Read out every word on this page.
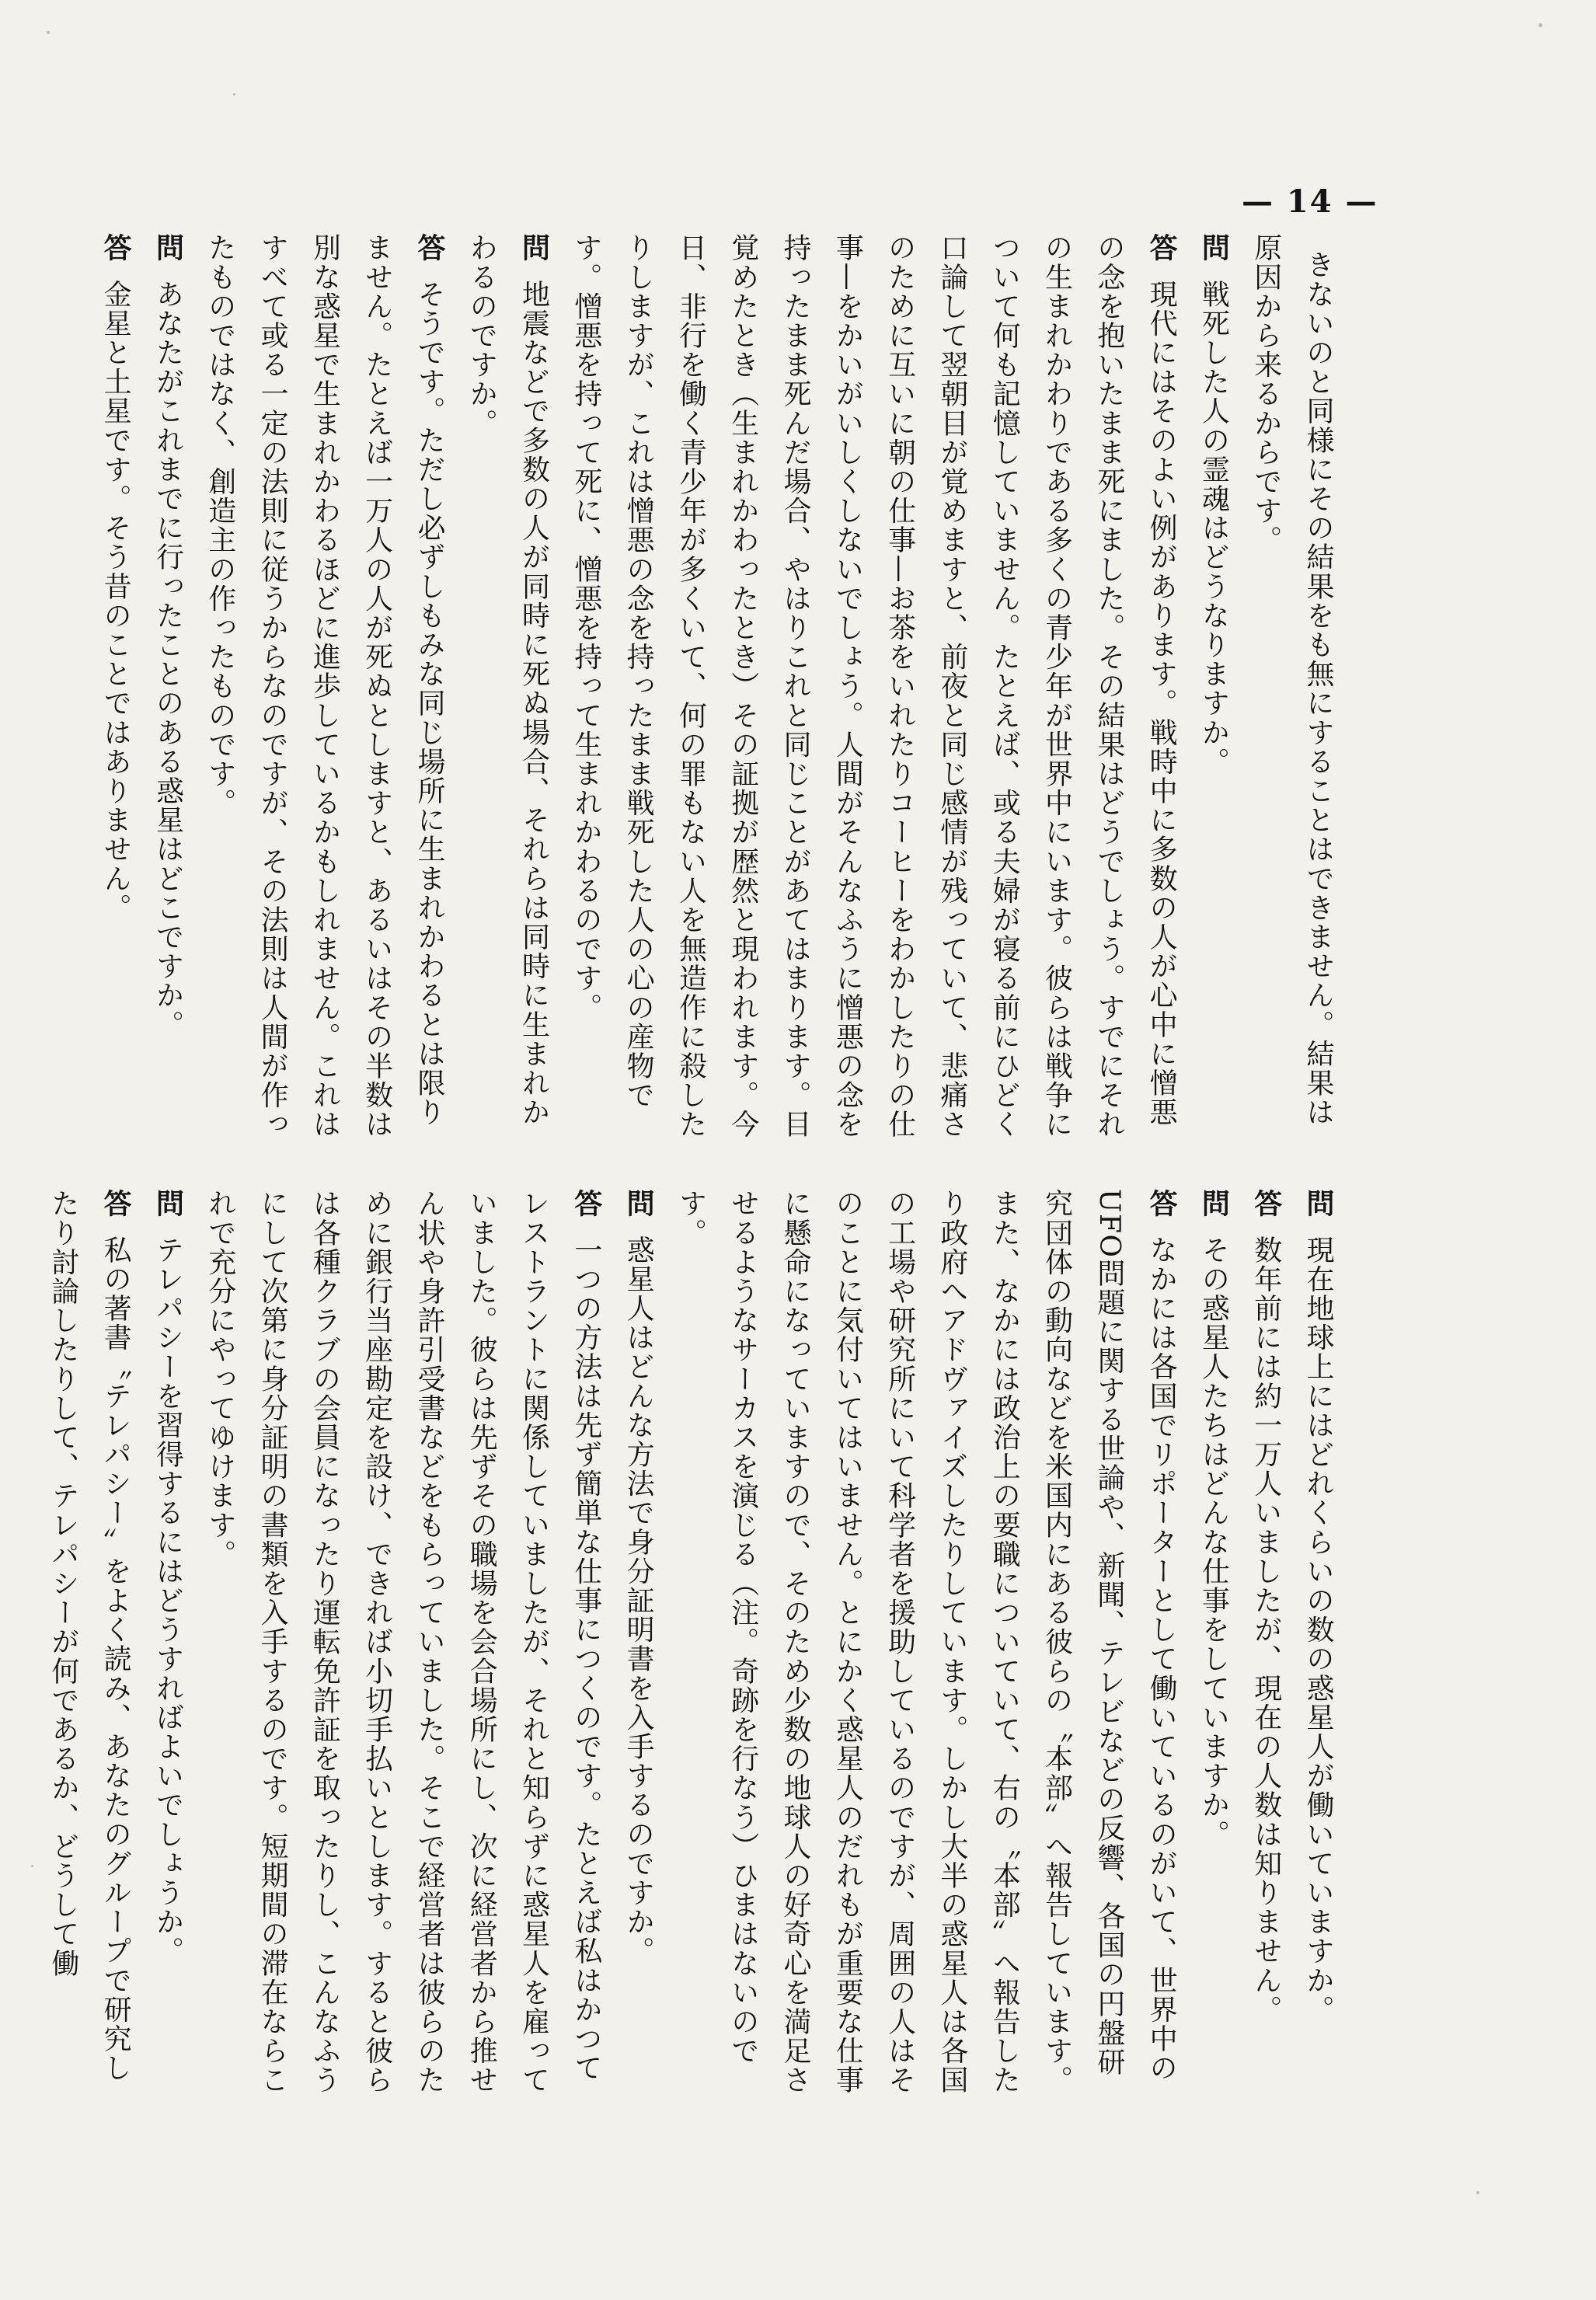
— 14 —
きないのと同様にその結果をも無にすることはできません。結果は原因から来るからです。
問戦死した人の霊魂はどうなりますか。
答現代にはそのよい例があります。戦時中に多数の人が心中に憎悪の念を抱いたまま死にました。その結果はどうでしょう。すでにそれの生まれかわりである多くの青少年が世界中にいます。彼らは戦争について何も記憶していません。たとえば、或る夫婦が寝る前にひどく口論して翌朝目が覚めますと、前夜と同じ感情が残っていて、悲痛さのために互いに朝の仕事—お茶をいれたりコーヒーをわかしたりの仕事—をかいがいしくしないでしょう。人間がそんなふうに憎悪の念を持ったまま死んだ場合、やはりこれと同じことがあてはまります。目覚めたとき（生まれかわったとき）その証拠が歴然と現われます。今日、非行を働く青少年が多くいて、何の罪もない人を無造作に殺したりしますが、これは憎悪の念を持ったまま戦死した人の心の産物です。憎悪を持って死に、憎悪を持って生まれかわるのです。
問地震などで多数の人が同時に死ぬ場合、それらは同時に生まれかわるのですか。
答そうです。ただし必ずしもみな同じ場所に生まれかわるとは限りません。たとえば一万人の人が死ぬとしますと、あるいはその半数は別な惑星で生まれかわるほどに進歩しているかもしれません。これはすべて或る一定の法則に従うからなのですが、その法則は人間が作ったものではなく、創造主の作ったものです。
問あなたがこれまでに行ったことのある惑星はどこですか。
答金星と土星です。そう昔のことではありません。
問現在地球上にはどれくらいの数の惑星人が働いていますか。
答数年前には約一万人いましたが、現在の人数は知りません。
問その惑星人たちはどんな仕事をしていますか。
答なかには各国でリポーターとして働いているのがいて、世界中のUFO問題に関する世論や、新聞、テレビなどの反響、各国の円盤研究団体の動向などを米国内にある彼らの〝本部〟へ報告しています。また、なかには政治上の要職についていて、右の〝本部〟へ報告したり政府へアドヴァイズしたりしています。しかし大半の惑星人は各国の工場や研究所にいて科学者を援助しているのですが、周囲の人はそのことに気付いてはいません。とにかく惑星人のだれもが重要な仕事に懸命になっていますので、そのため少数の地球人の好奇心を満足させるようなサーカスを演じる（注。奇跡を行なう）ひまはないのです。
問惑星人はどんな方法で身分証明書を入手するのですか。
答一つの方法は先ず簡単な仕事につくのです。たとえば私はかつてレストラントに関係していましたが、それと知らずに惑星人を雇っていました。彼らは先ずその職場を会合場所にし、次に経営者から推せん状や身許引受書などをもらっていました。そこで経営者は彼らのために銀行当座勘定を設け、できれば小切手払いとします。すると彼らは各種クラブの会員になったり運転免許証を取ったりし、こんなふうにして次第に身分証明の書類を入手するのです。短期間の滞在ならこれで充分にやってゆけます。
問テレパシーを習得するにはどうすればよいでしょうか。
答私の著書〝テレパシー〟をよく読み、あなたのグループで研究したり討論したりして、テレパシーが何であるか、どうして働
